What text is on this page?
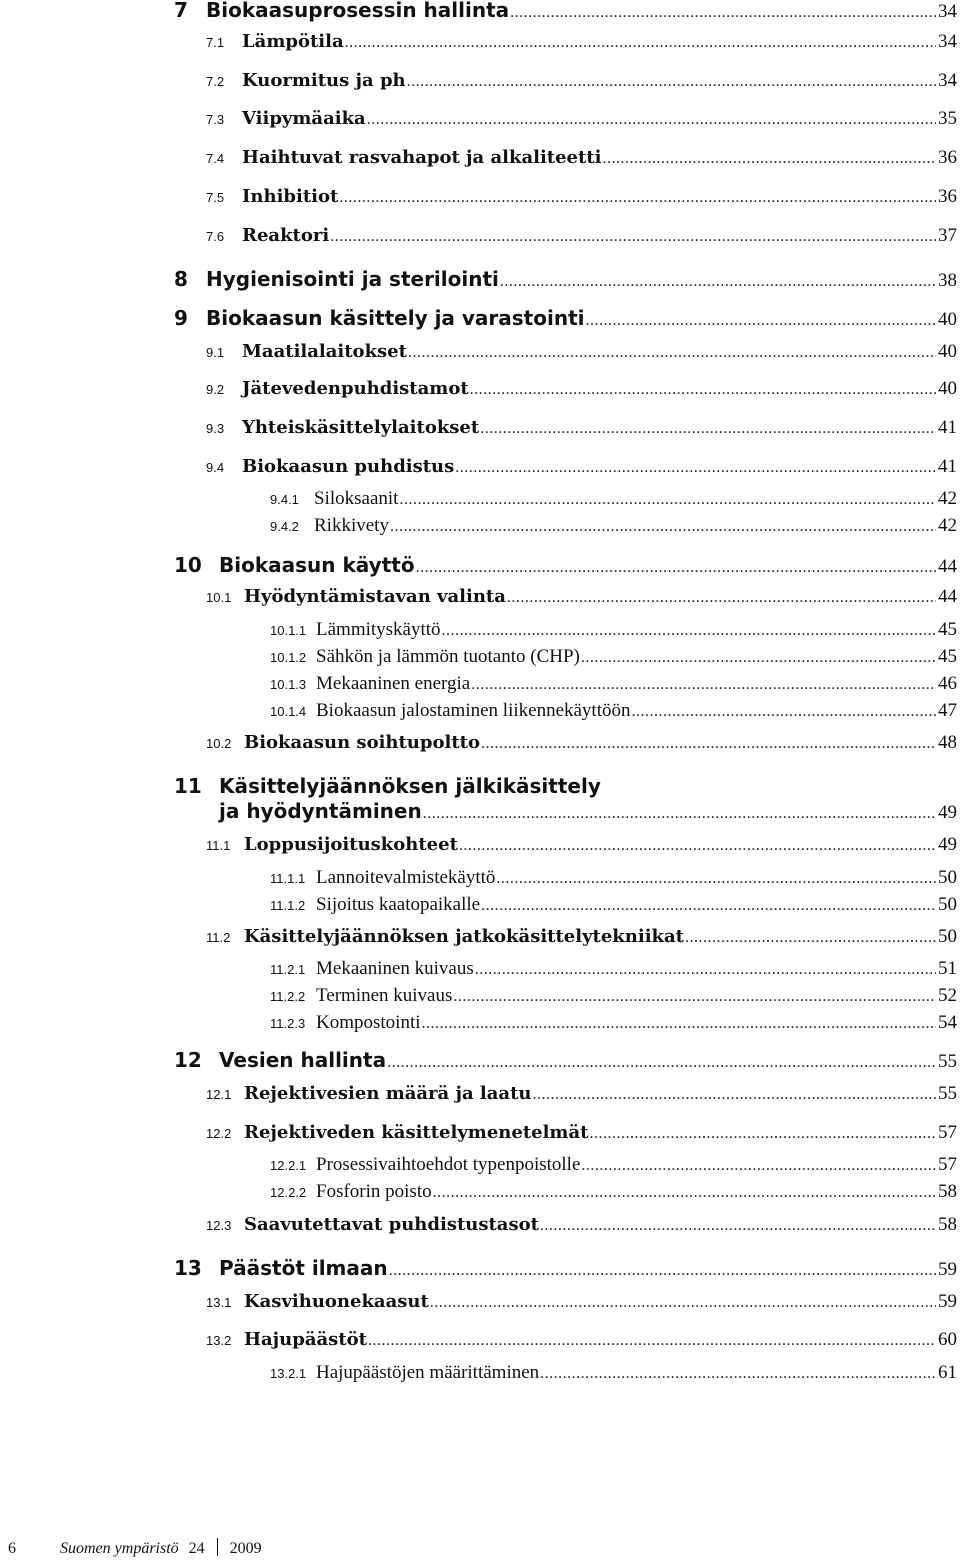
7 Biokaasuprosessin hallinta .....	34
7.1 Lämpötila .....	34
7.2 Kuormitus ja ph .....	34
7.3 Viipymäaika .....	35
7.4 Haihtuvat rasvahapot ja alkaliteetti .....	36
7.5 Inhibitiot .....	36
7.6 Reaktori .....	37
8 Hygienisointi ja sterilointi .....	38
9 Biokaasun käsittely ja varastointi .....	40
9.1 Maatilalaitokset .....	40
9.2 Jätevedenpuhdistamot .....	40
9.3 Yhteiskäsittelylaitokset .....	41
9.4 Biokaasun puhdistus .....	41
9.4.1 Siloksaanit .....	42
9.4.2 Rikkivety .....	42
10 Biokaasun käyttö .....	44
10.1 Hyödyntämistavan valinta .....	44
10.1.1 Lämmityskäyttö .....	45
10.1.2 Sähkön ja lämmön tuotanto (CHP) .....	45
10.1.3 Mekaaninen energia .....	46
10.1.4 Biokaasun jalostaminen liikennekäyttöön .....	47
10.2 Biokaasun soihtupoltto .....	48
11 Käsittelyjäännöksen jälkikäsittely
ja hyödyntäminen .....	49
11.1 Loppusijoituskohteet .....	49
11.1.1 Lannoitevalmistekäyttö .....	50
11.1.2 Sijoitus kaatopaikalle .....	50
11.2 Käsittelyjäännöksen jatkokäsittelytekniikat .....	50
11.2.1 Mekaaninen kuivaus .....	51
11.2.2 Terminen kuivaus .....	52
11.2.3 Kompostointi .....	54
12 Vesien hallinta .....	55
12.1 Rejektivesien määrä ja laatu .....	55
12.2 Rejektiveden käsittelymenetelmät .....	57
12.2.1 Prosessivaihtoehdot typenpoistolle .....	57
12.2.2 Fosforin poisto .....	58
12.3 Saavutettavat puhdistustasot .....	58
13 Päästöt ilmaan .....	59
13.1 Kasvihuonekaasut .....	59
13.2 Hajupäästöt .....	60
13.2.1 Hajupäästöjen määrittäminen .....	61
6	Suomen ympäristö 24 2009
